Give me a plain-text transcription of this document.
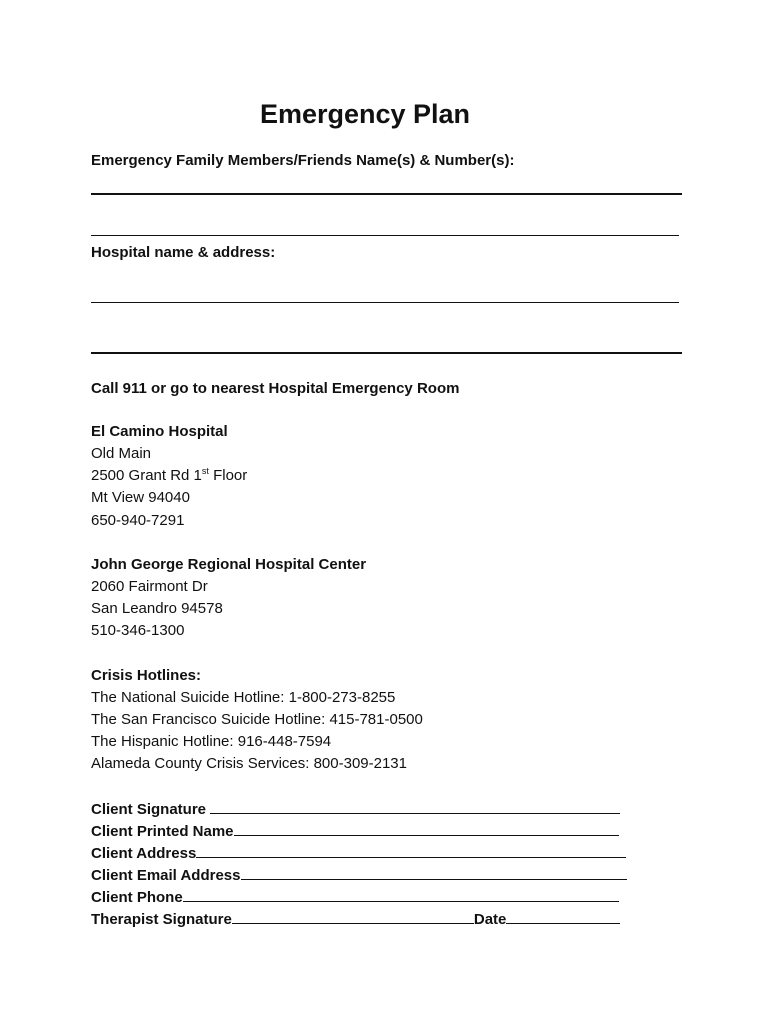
Emergency Plan
Emergency Family Members/Friends Name(s) & Number(s):
Hospital name & address:
Call 911 or go to nearest Hospital Emergency Room
El Camino Hospital
Old Main
2500 Grant Rd 1st Floor
Mt View 94040
650-940-7291
John George Regional Hospital Center
2060 Fairmont Dr
San Leandro 94578
510-346-1300
Crisis Hotlines:
The National Suicide Hotline: 1-800-273-8255
The San Francisco Suicide Hotline: 415-781-0500
The Hispanic Hotline: 916-448-7594
Alameda County Crisis Services: 800-309-2131
Client Signature
Client Printed Name
Client Address
Client Email Address
Client Phone
Therapist Signature	Date
